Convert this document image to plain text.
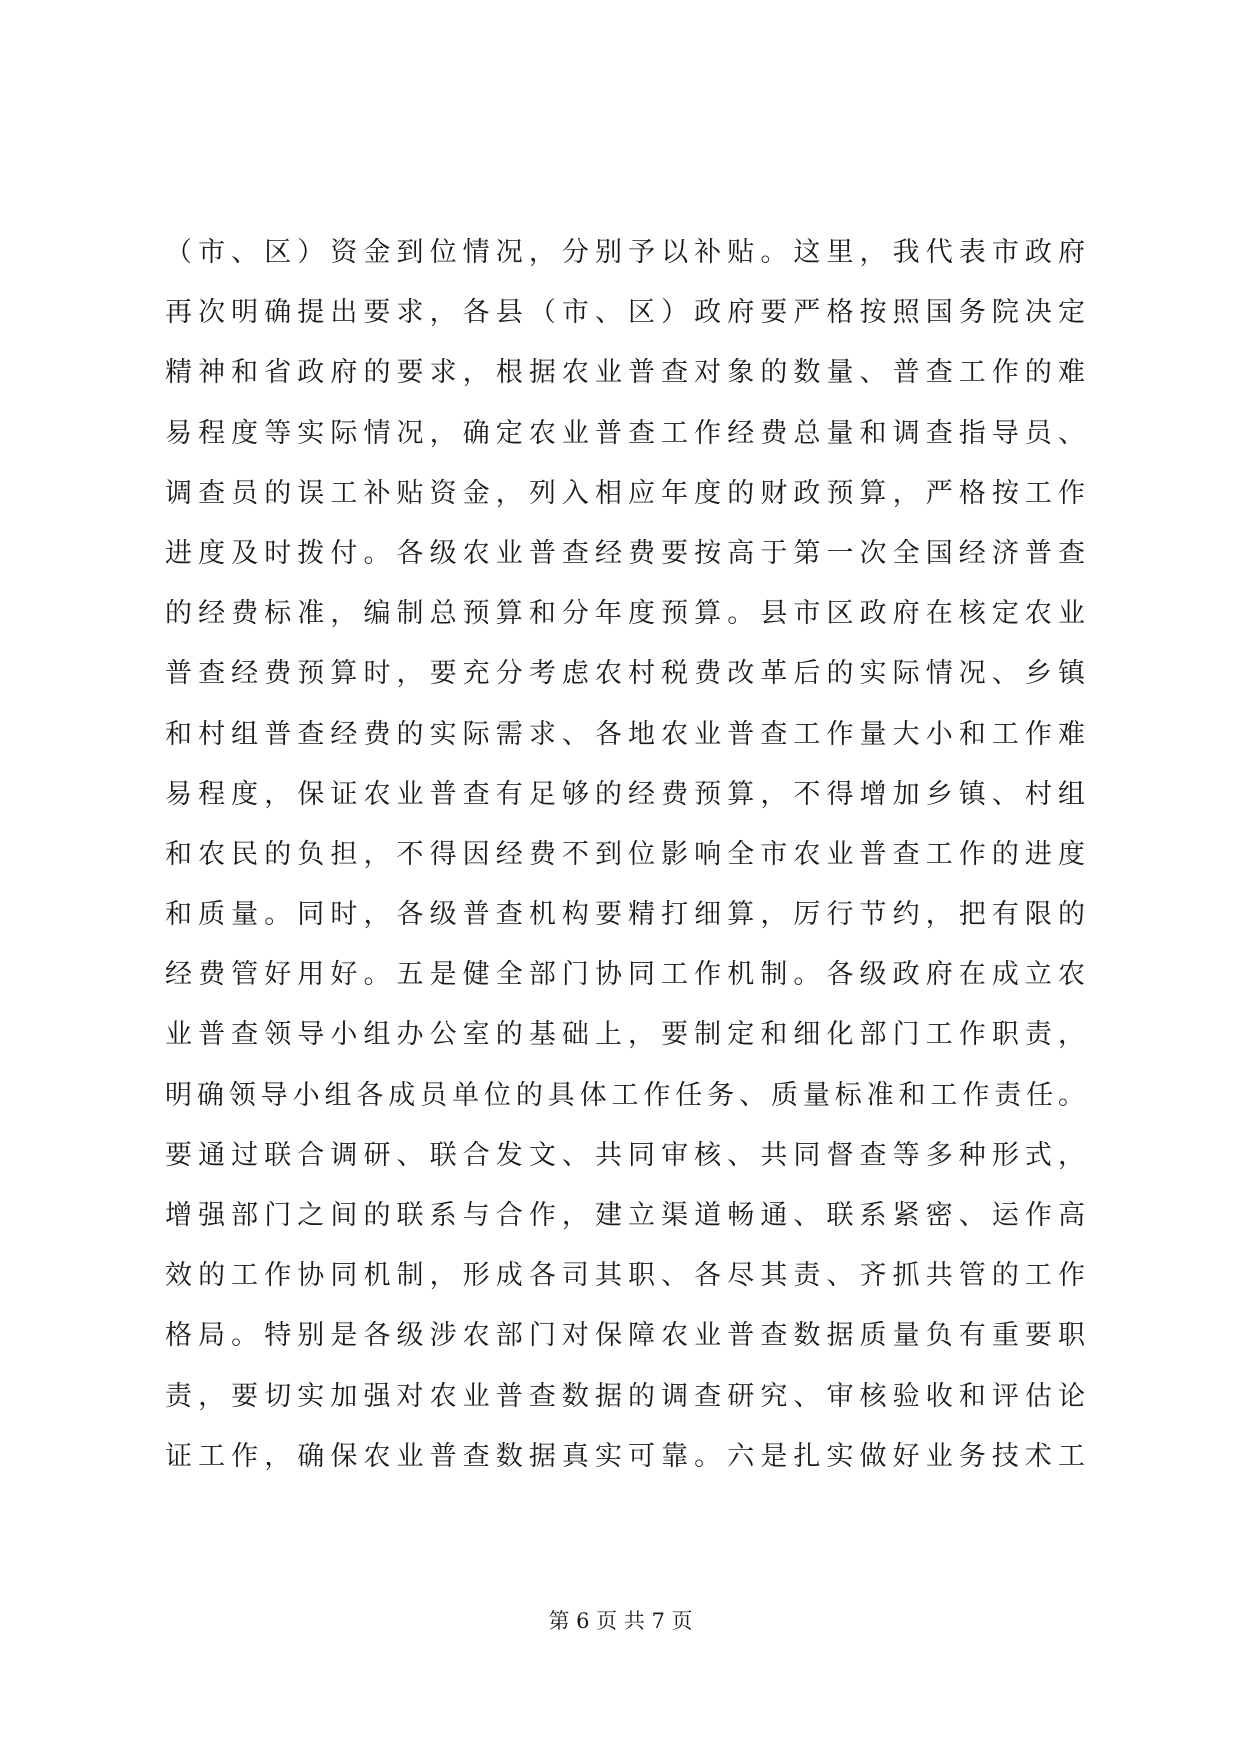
（市、区）资金到位情况，分别予以补贴。这里，我代表市政府
再次明确提出要求，各县（市、区）政府要严格按照国务院决定
精神和省政府的要求，根据农业普查对象的数量、普查工作的难
易程度等实际情况，确定农业普查工作经费总量和调查指导员、
调查员的误工补贴资金，列入相应年度的财政预算，严格按工作
进度及时拨付。各级农业普查经费要按高于第一次全国经济普查
的经费标准，编制总预算和分年度预算。县市区政府在核定农业
普查经费预算时，要充分考虑农村税费改革后的实际情况、乡镇
和村组普查经费的实际需求、各地农业普查工作量大小和工作难
易程度，保证农业普查有足够的经费预算，不得增加乡镇、村组
和农民的负担，不得因经费不到位影响全市农业普查工作的进度
和质量。同时，各级普查机构要精打细算，厉行节约，把有限的
经费管好用好。五是健全部门协同工作机制。各级政府在成立农
业普查领导小组办公室的基础上，要制定和细化部门工作职责，
明确领导小组各成员单位的具体工作任务、质量标准和工作责任。
要通过联合调研、联合发文、共同审核、共同督查等多种形式，
增强部门之间的联系与合作，建立渠道畅通、联系紧密、运作高
效的工作协同机制，形成各司其职、各尽其责、齐抓共管的工作
格局。特别是各级涉农部门对保障农业普查数据质量负有重要职
责，要切实加强对农业普查数据的调查研究、审核验收和评估论
证工作，确保农业普查数据真实可靠。六是扎实做好业务技术工
第 6 页 共 7 页
